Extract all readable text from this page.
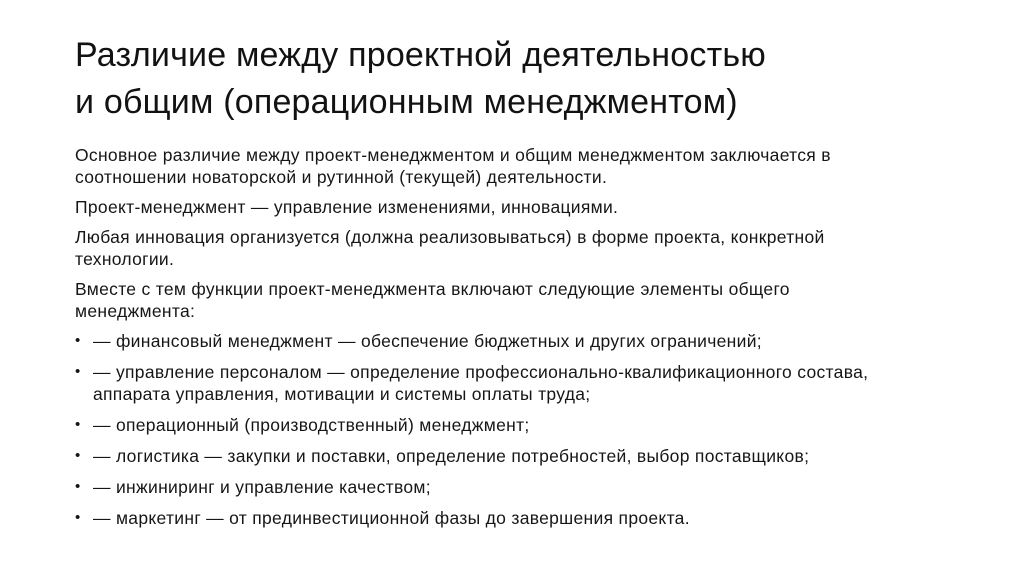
Различие между проектной деятельностью
и общим (операционным менеджментом)

Основное различие между проект-менеджментом и общим менеджментом заключается в соотношении новаторской и рутинной (текущей) деятельности.

Проект-менеджмент — управление изменениями, инновациями.

Любая инновация организуется (должна реализовываться) в форме проекта, конкретной технологии.

Вместе с тем функции проект-менеджмента включают следующие элементы общего менеджмента:

• — финансовый менеджмент — обеспечение бюджетных и других ограничений;
• — управление персоналом — определение профессионально-квалификационного состава, аппарата управления, мотивации и системы оплаты труда;
• — операционный (производственный) менеджмент;
• — логистика — закупки и поставки, определение потребностей, выбор поставщиков;
• — инжиниринг и управление качеством;
• — маркетинг — от прединвестиционной фазы до завершения проекта.
